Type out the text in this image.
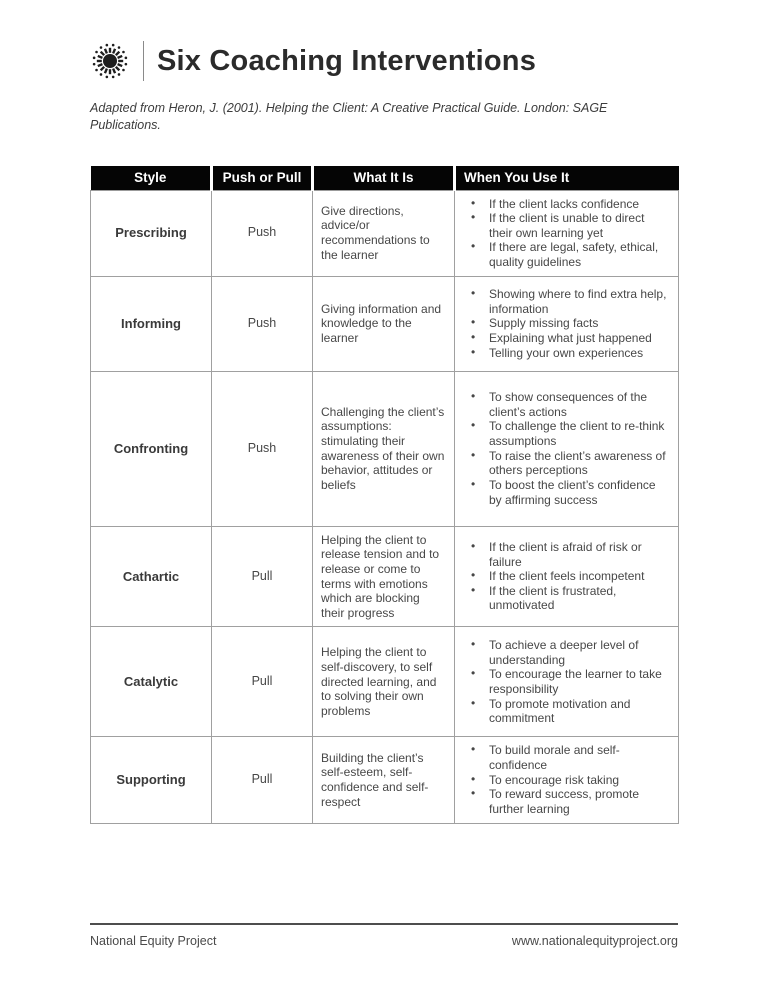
Six Coaching Interventions

Adapted from Heron, J. (2001). Helping the Client: A Creative Practical Guide. London: SAGE Publications.

Style	Push or Pull	What It Is	When You Use It
Prescribing	Push	Give directions, advice/or recommendations to the learner	
• If the client lacks confidence
• If the client is unable to direct their own learning yet
• If there are legal, safety, ethical, quality guidelines

Informing	Push	Giving information and knowledge to the learner	
• Showing where to find extra help, information
• Supply missing facts
• Explaining what just happened
• Telling your own experiences

Confronting	Push	Challenging the client’s assumptions: stimulating their awareness of their own behavior, attitudes or beliefs	
• To show consequences of the client’s actions
• To challenge the client to re-think assumptions
• To raise the client’s awareness of others perceptions
• To boost the client’s confidence by affirming success

Cathartic	Pull	Helping the client to release tension and to release or come to terms with emotions which are blocking their progress	
• If the client is afraid of risk or failure
• If the client feels incompetent
• If the client is frustrated, unmotivated

Catalytic	Pull	Helping the client to self-discovery, to self directed learning, and to solving their own problems	
• To achieve a deeper level of understanding
• To encourage the learner to take responsibility
• To promote motivation and commitment

Supporting	Pull	Building the client’s self-esteem, self-confidence and self-respect	
• To build morale and self-confidence
• To encourage risk taking
• To reward success, promote further learning
National Equity Project	www.nationalequityproject.org
